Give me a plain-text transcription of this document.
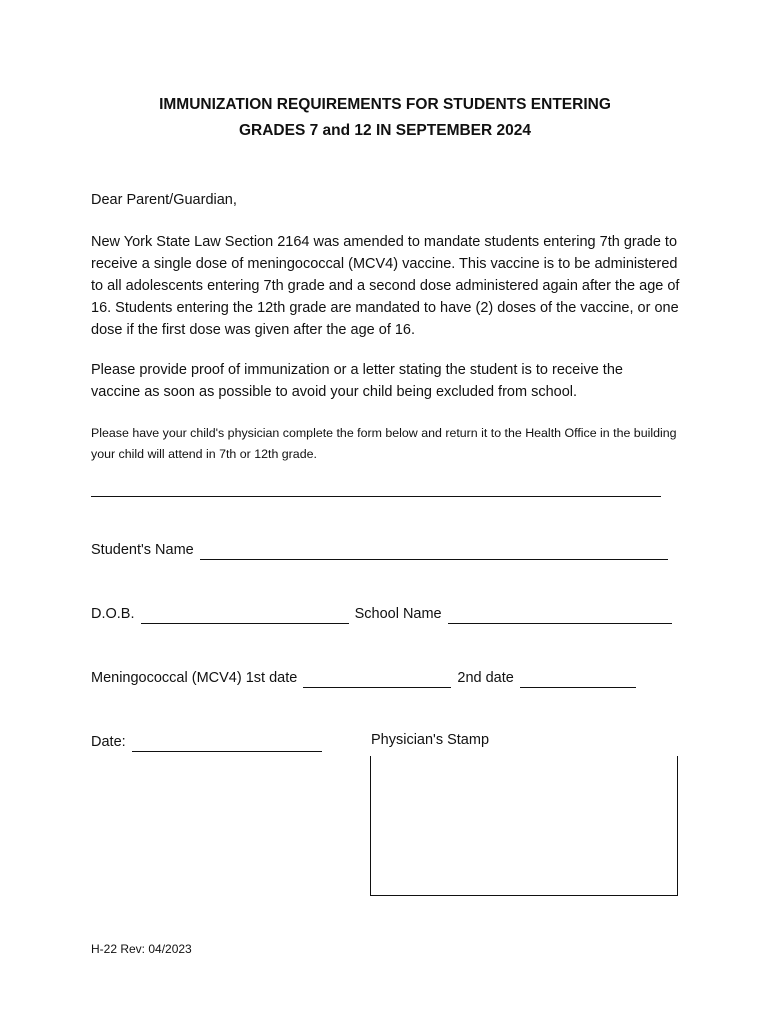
IMMUNIZATION REQUIREMENTS FOR STUDENTS ENTERING
GRADES 7 and 12 IN SEPTEMBER 2024
Dear Parent/Guardian,
New York State Law Section 2164 was amended to mandate students entering 7th grade to receive a single dose of meningococcal (MCV4) vaccine. This vaccine is to be administered to all adolescents entering 7th grade and a second dose administered again after the age of 16. Students entering the 12th grade are mandated to have (2) doses of the vaccine, or one dose if the first dose was given after the age of 16.
Please provide proof of immunization or a letter stating the student is to receive the vaccine as soon as possible to avoid your child being excluded from school.
Please have your child's physician complete the form below and return it to the Health Office in the building your child will attend in 7th or 12th grade.
Student's Name
D.O.B.	School Name
Meningococcal (MCV4) 1st date	2nd date
Date:	Physician's Stamp
H-22 Rev: 04/2023
